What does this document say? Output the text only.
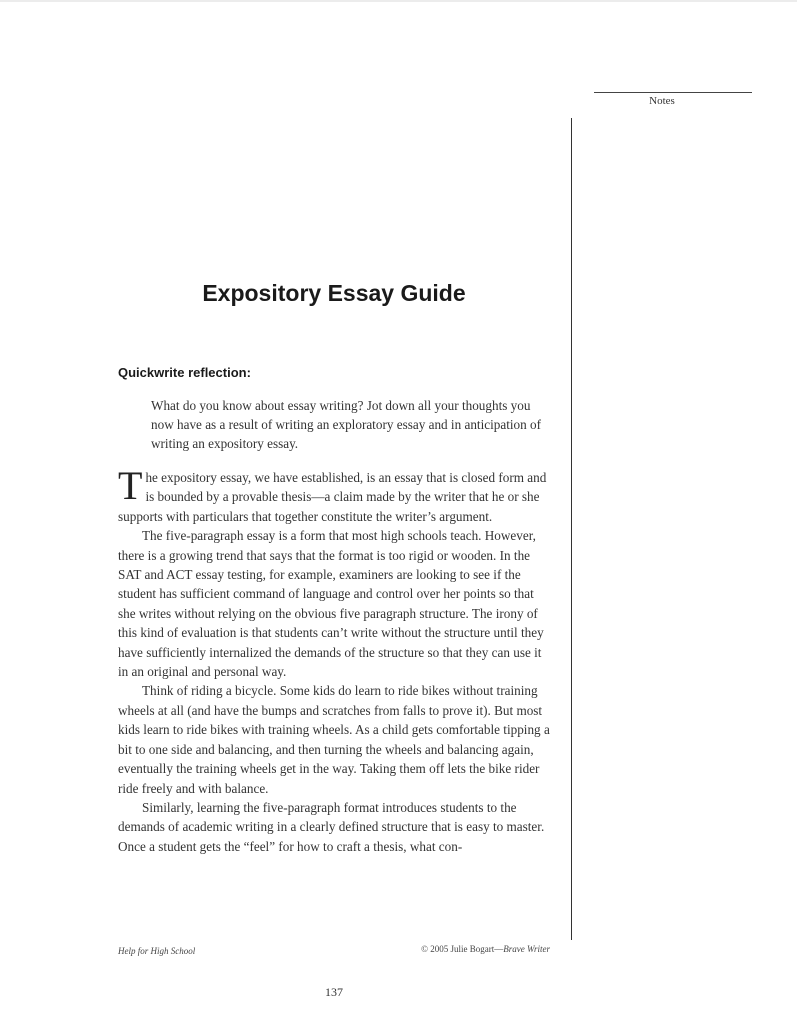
Notes
Expository Essay Guide
Quickwrite reflection:

What do you know about essay writing? Jot down all your thoughts you now have as a result of writing an exploratory essay and in anticipation of writing an expository essay.

The expository essay, we have established, is an essay that is closed form and is bounded by a provable thesis—a claim made by the writer that he or she supports with particulars that together constitute the writer’s argument.

The five-paragraph essay is a form that most high schools teach. However, there is a growing trend that says that the format is too rigid or wooden. In the SAT and ACT essay testing, for example, examiners are looking to see if the student has sufficient command of language and control over her points so that she writes without relying on the obvious five paragraph structure. The irony of this kind of evaluation is that students can’t write without the structure until they have sufficiently internalized the demands of the structure so that they can use it in an original and personal way.

Think of riding a bicycle. Some kids do learn to ride bikes without training wheels at all (and have the bumps and scratches from falls to prove it). But most kids learn to ride bikes with training wheels. As a child gets comfortable tipping a bit to one side and balancing, and then turning the wheels and balancing again, eventually the training wheels get in the way. Taking them off lets the bike rider ride freely and with balance.

Similarly, learning the five-paragraph format introduces students to the demands of academic writing in a clearly defined structure that is easy to master. Once a student gets the “feel” for how to craft a thesis, what con-

Help for High School	© 2005 Julie Bogart—Brave Writer
137
